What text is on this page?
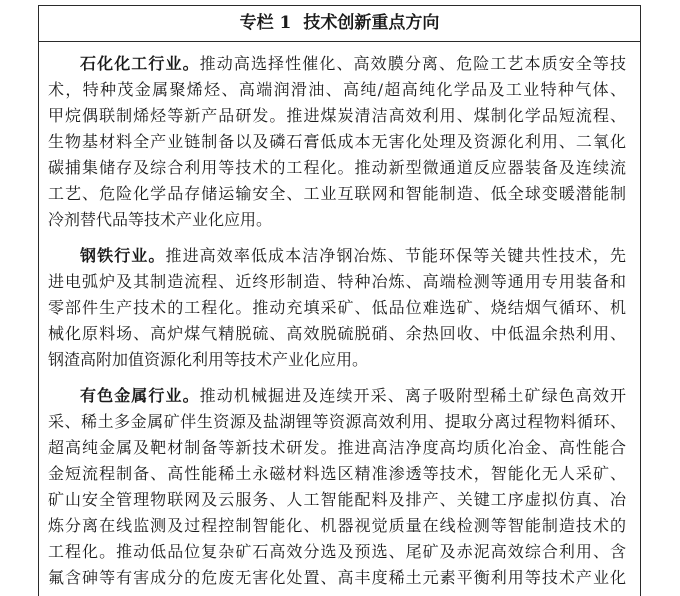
专栏 1 技术创新重点方向
石化化工行业。推动高选择性催化、高效膜分离、危险工艺本质安全等技
术，特种茂金属聚烯烃、高端润滑油、高纯/超高纯化学品及工业特种气体、
甲烷偶联制烯烃等新产品研发。推进煤炭清洁高效利用、煤制化学品短流程、
生物基材料全产业链制备以及磷石膏低成本无害化处理及资源化利用、二氧化
碳捕集储存及综合利用等技术的工程化。推动新型微通道反应器装备及连续流
工艺、危险化学品存储运输安全、工业互联网和智能制造、低全球变暖潜能制
冷剂替代品等技术产业化应用。
钢铁行业。推进高效率低成本洁净钢冶炼、节能环保等关键共性技术，先
进电弧炉及其制造流程、近终形制造、特种冶炼、高端检测等通用专用装备和
零部件生产技术的工程化。推动充填采矿、低品位难选矿、烧结烟气循环、机
械化原料场、高炉煤气精脱硫、高效脱硫脱硝、余热回收、中低温余热利用、
钢渣高附加值资源化利用等技术产业化应用。
有色金属行业。推动机械掘进及连续开采、离子吸附型稀土矿绿色高效开
采、稀土多金属矿伴生资源及盐湖锂等资源高效利用、提取分离过程物料循环、
超高纯金属及靶材制备等新技术研发。推进高洁净度高均质化冶金、高性能合
金短流程制备、高性能稀土永磁材料选区精准渗透等技术，智能化无人采矿、
矿山安全管理物联网及云服务、人工智能配料及排产、关键工序虚拟仿真、冶
炼分离在线监测及过程控制智能化、机器视觉质量在线检测等智能制造技术的
工程化。推动低品位复杂矿石高效分选及预选、尾矿及赤泥高效综合利用、含
氟含砷等有害成分的危废无害化处置、高丰度稀土元素平衡利用等技术产业化
